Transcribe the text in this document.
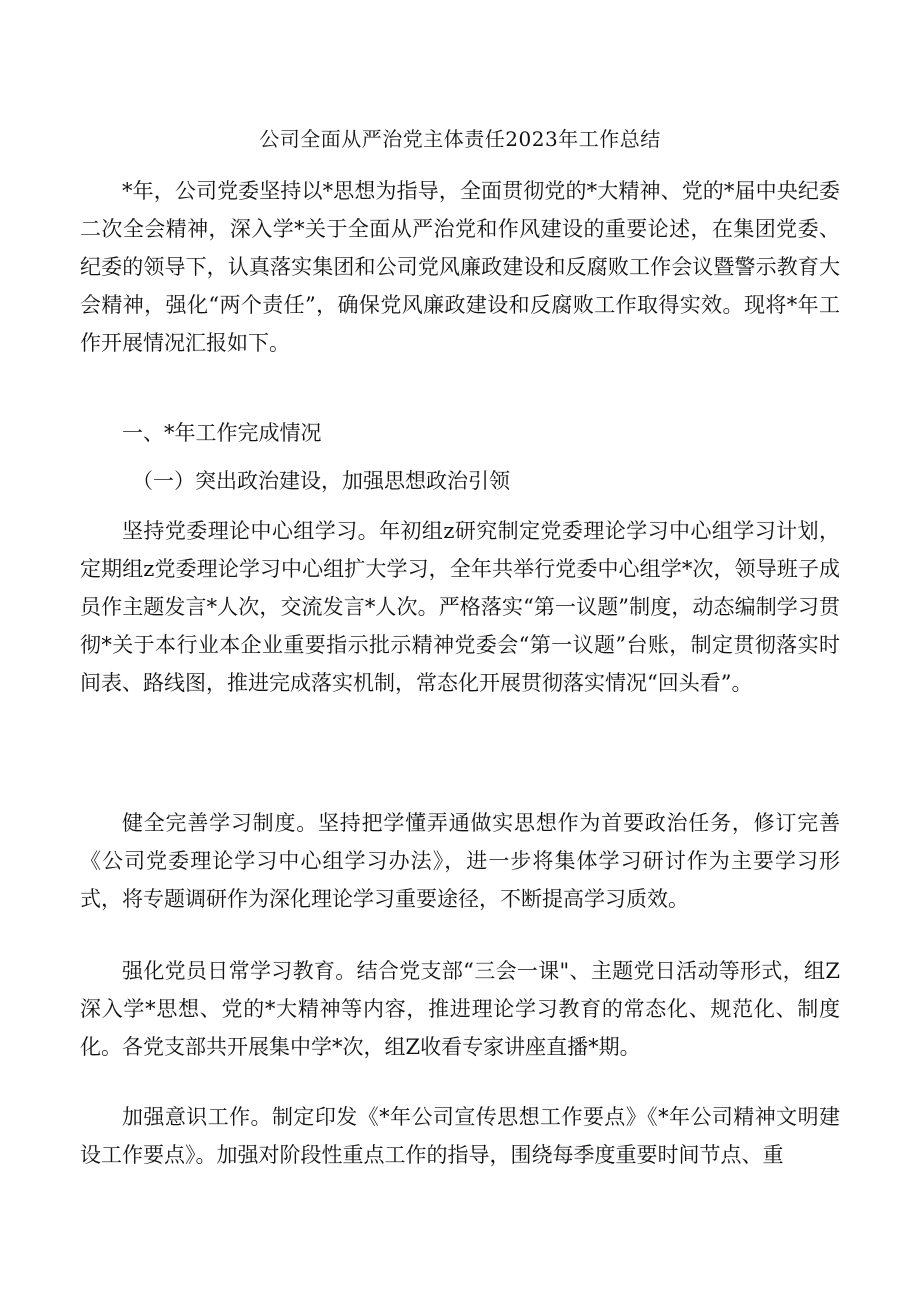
公司全面从严治党主体责任2023年工作总结

*年，公司党委坚持以*思想为指导，全面贯彻党的*大精神、党的*届中央纪委二次全会精神，深入学*关于全面从严治党和作风建设的重要论述，在集团党委、纪委的领导下，认真落实集团和公司党风廉政建设和反腐败工作会议暨警示教育大会精神，强化“两个责任”，确保党风廉政建设和反腐败工作取得实效。现将*年工作开展情况汇报如下。

一、*年工作完成情况

（一）突出政治建设，加强思想政治引领

坚持党委理论中心组学习。年初组z研究制定党委理论学习中心组学习计划，定期组z党委理论学习中心组扩大学习，全年共举行党委中心组学*次，领导班子成员作主题发言*人次，交流发言*人次。严格落实“第一议题”制度，动态编制学习贯彻*关于本行业本企业重要指示批示精神党委会“第一议题”台账，制定贯彻落实时间表、路线图，推进完成落实机制，常态化开展贯彻落实情况“回头看”。

健全完善学习制度。坚持把学懂弄通做实思想作为首要政治任务，修订完善《公司党委理论学习中心组学习办法》，进一步将集体学习研讨作为主要学习形式，将专题调研作为深化理论学习重要途径，不断提高学习质效。

强化党员日常学习教育。结合党支部“三会一课"、主题党日活动等形式，组Z深入学*思想、党的*大精神等内容，推进理论学习教育的常态化、规范化、制度化。各党支部共开展集中学*次，组Z收看专家讲座直播*期。

加强意识工作。制定印发《*年公司宣传思想工作要点》《*年公司精神文明建设工作要点》。加强对阶段性重点工作的指导，围绕每季度重要时间节点、重
